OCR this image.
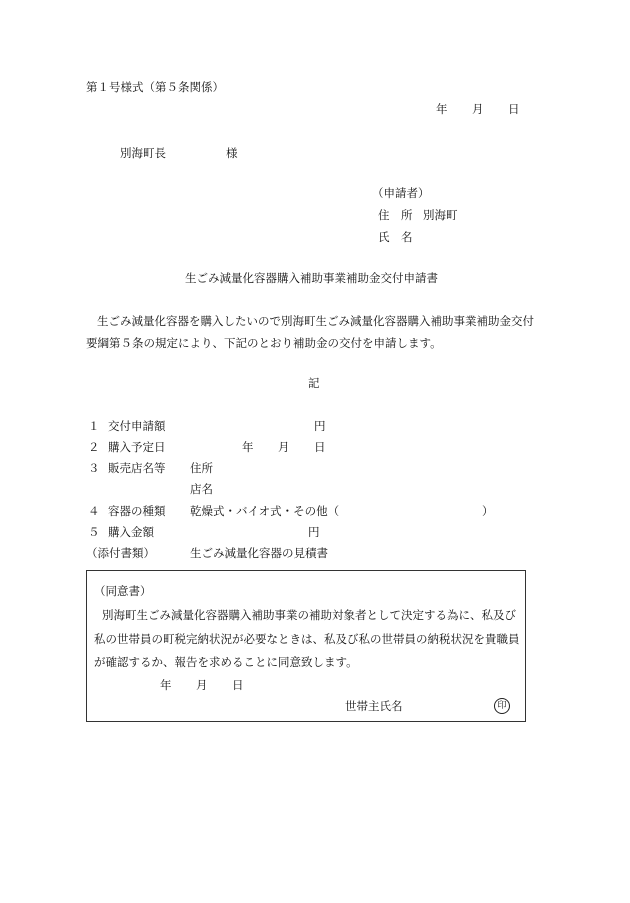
第１号様式（第５条関係）
年 月 日
別海町長	様
（申請者）
住　所 別海町
氏　名
生ごみ減量化容器購入補助事業補助金交付申請書
生ごみ減量化容器を購入したいので別海町生ごみ減量化容器購入補助事業補助金交付
要綱第５条の規定により、下記のとおり補助金の交付を申請します。
記
１ 交付申請額	円
２ 購入予定日	年 月 日
３ 販売店名等 住所
店名
４ 容器の種類 乾燥式・バイオ式・その他（	）
５ 購入金額	円
（添付書類）	生ごみ減量化容器の見積書
（同意書）
別海町生ごみ減量化容器購入補助事業の補助対象者として決定する為に、私及び
私の世帯員の町税完納状況が必要なときは、私及び私の世帯員の納税状況を貴職員
が確認するか、報告を求めることに同意致します。
年 月 日
世帯主氏名	印
